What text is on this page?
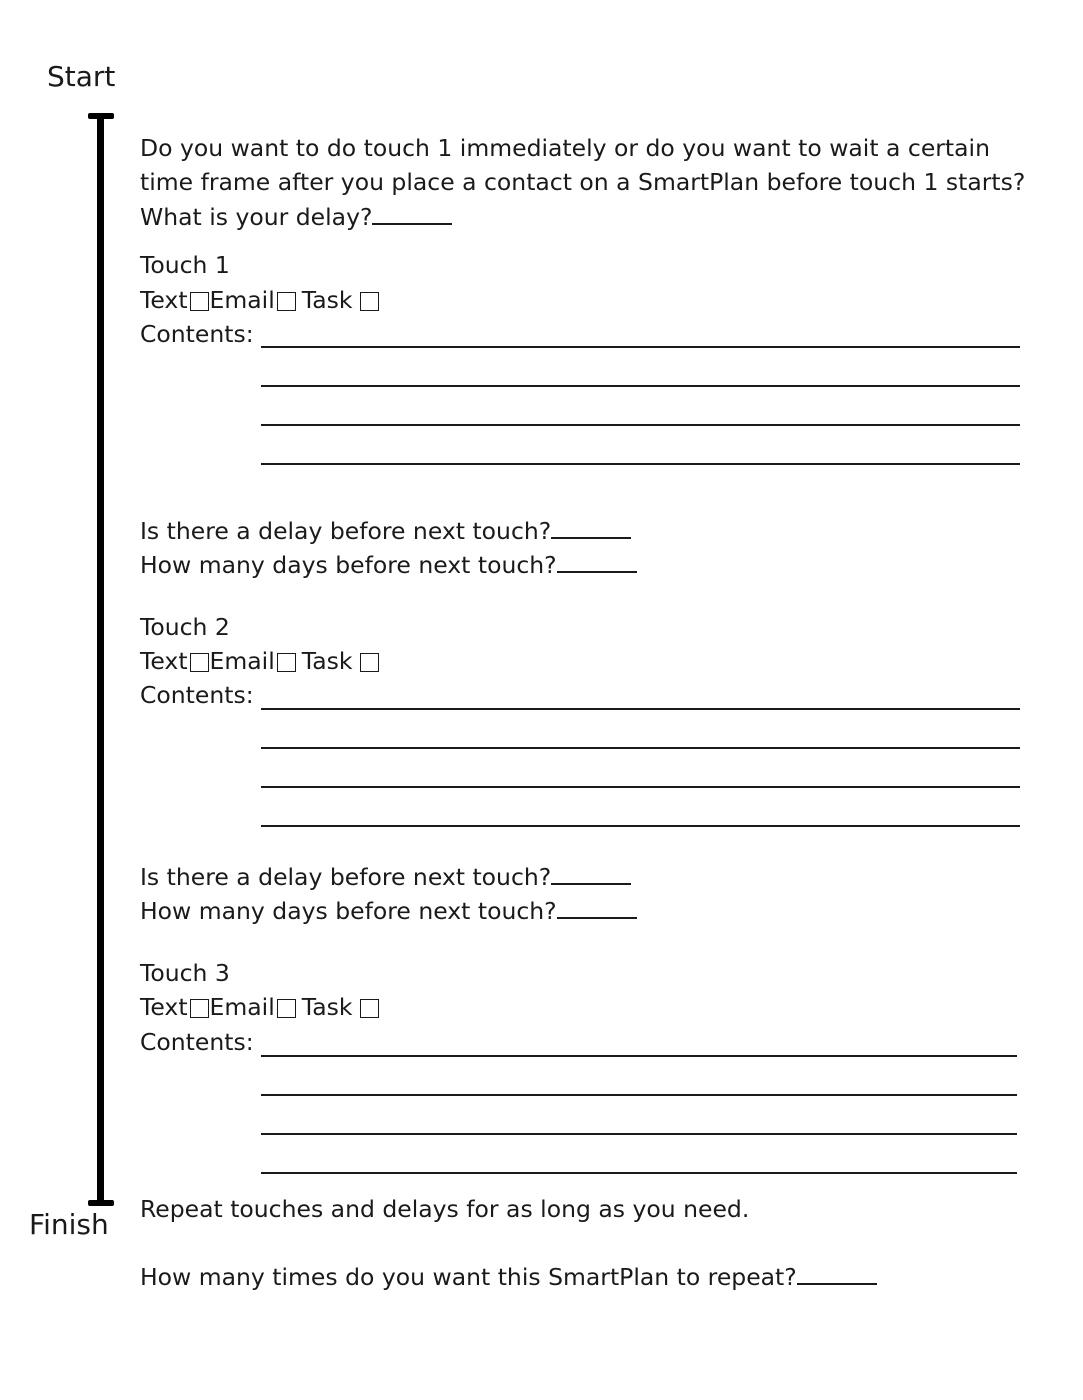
Start
Finish
Do you want to do touch 1 immediately or do you want to wait a certain
time frame after you place a contact on a SmartPlan before touch 1 starts?
What is your delay?
Touch 1
Text Email Task
Contents:
Is there a delay before next touch?
How many days before next touch?
Touch 2
Text Email Task
Contents:
Is there a delay before next touch?
How many days before next touch?
Touch 3
Text Email Task
Contents:
Repeat touches and delays for as long as you need.
How many times do you want this SmartPlan to repeat?
